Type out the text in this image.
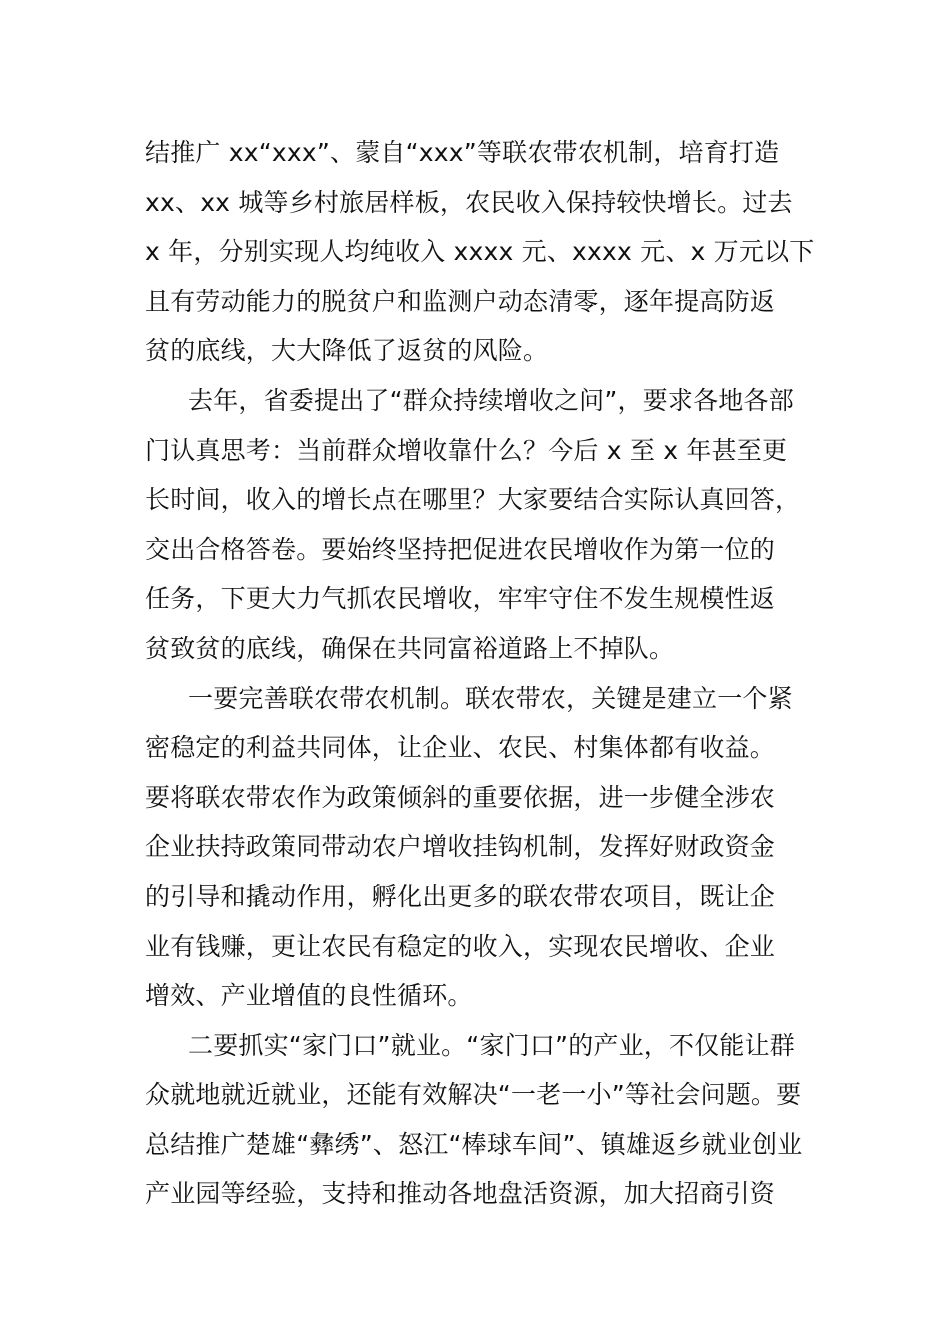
结推广 xx“xxx”、蒙自“xxx”等联农带农机制，培育打造
xx、xx 城等乡村旅居样板，农民收入保持较快增长。过去
x 年，分别实现人均纯收入 xxxx 元、xxxx 元、x 万元以下
且有劳动能力的脱贫户和监测户动态清零，逐年提高防返
贫的底线，大大降低了返贫的风险。
去年，省委提出了“群众持续增收之问”，要求各地各部
门认真思考：当前群众增收靠什么？今后 x 至 x 年甚至更
长时间，收入的增长点在哪里？大家要结合实际认真回答，
交出合格答卷。要始终坚持把促进农民增收作为第一位的
任务，下更大力气抓农民增收，牢牢守住不发生规模性返
贫致贫的底线，确保在共同富裕道路上不掉队。
一要完善联农带农机制。联农带农，关键是建立一个紧
密稳定的利益共同体，让企业、农民、村集体都有收益。
要将联农带农作为政策倾斜的重要依据，进一步健全涉农
企业扶持政策同带动农户增收挂钩机制，发挥好财政资金
的引导和撬动作用，孵化出更多的联农带农项目，既让企
业有钱赚，更让农民有稳定的收入，实现农民增收、企业
增效、产业增值的良性循环。
二要抓实“家门口”就业。“家门口”的产业，不仅能让群
众就地就近就业，还能有效解决“一老一小”等社会问题。要
总结推广楚雄“彝绣”、怒江“棒球车间”、镇雄返乡就业创业
产业园等经验，支持和推动各地盘活资源，加大招商引资
